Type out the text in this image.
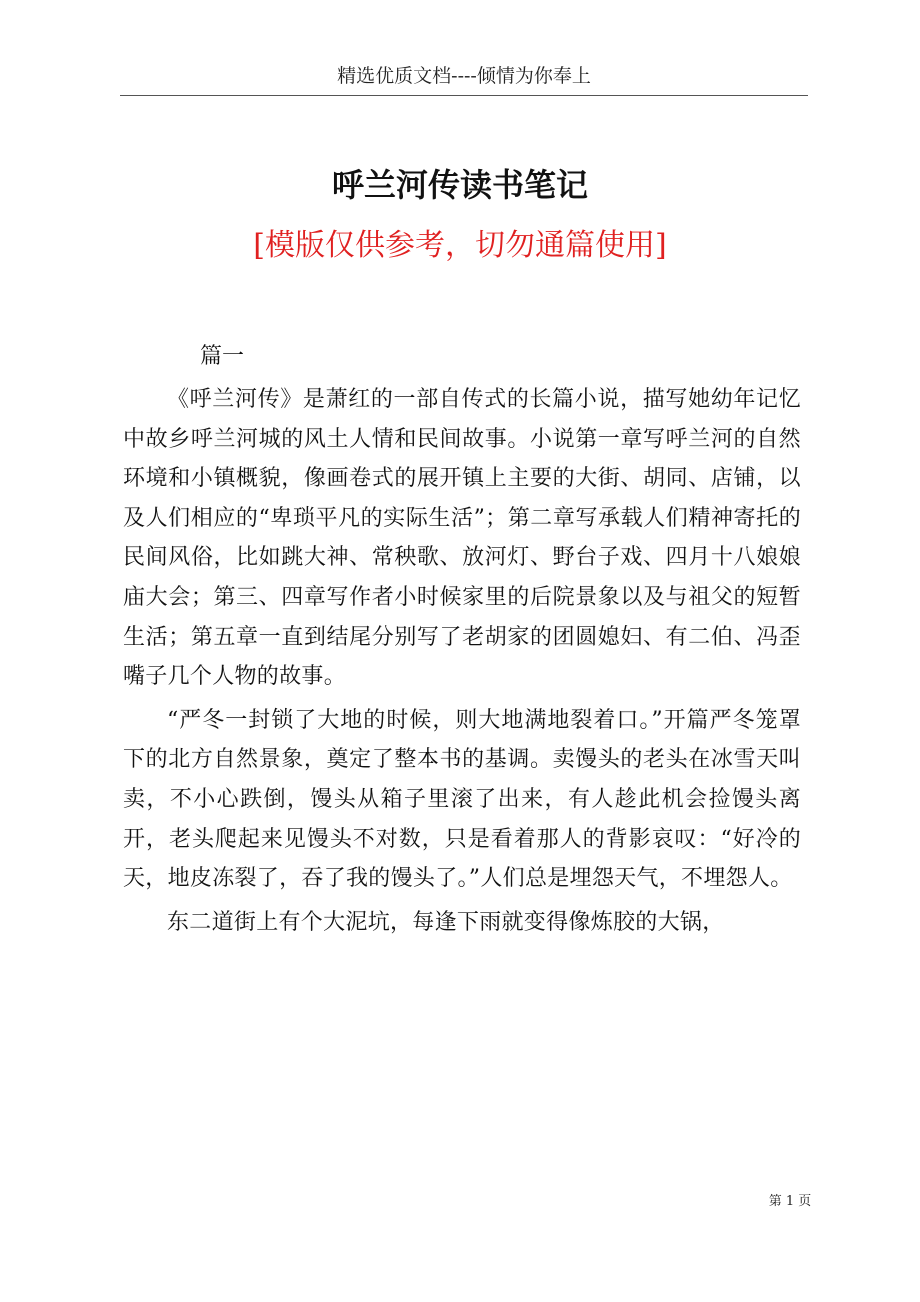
精选优质文档----倾情为你奉上
呼兰河传读书笔记
[模版仅供参考，切勿通篇使用]
篇一

《呼兰河传》是萧红的一部自传式的长篇小说，描写她幼年记忆中故乡呼兰河城的风土人情和民间故事。小说第一章写呼兰河的自然环境和小镇概貌，像画卷式的展开镇上主要的大街、胡同、店铺，以及人们相应的“卑琐平凡的实际生活”；第二章写承载人们精神寄托的民间风俗，比如跳大神、常秧歌、放河灯、野台子戏、四月十八娘娘庙大会；第三、四章写作者小时候家里的后院景象以及与祖父的短暂生活；第五章一直到结尾分别写了老胡家的团圆媳妇、有二伯、冯歪嘴子几个人物的故事。

“严冬一封锁了大地的时候，则大地满地裂着口。”开篇严冬笼罩下的北方自然景象，奠定了整本书的基调。卖馒头的老头在冰雪天叫卖，不小心跌倒，馒头从箱子里滚了出来，有人趁此机会捡馒头离开，老头爬起来见馒头不对数，只是看着那人的背影哀叹：“好冷的天，地皮冻裂了，吞了我的馒头了。”人们总是埋怨天气，不埋怨人。

东二道街上有个大泥坑，每逢下雨就变得像炼胶的大锅，

第 1 页
